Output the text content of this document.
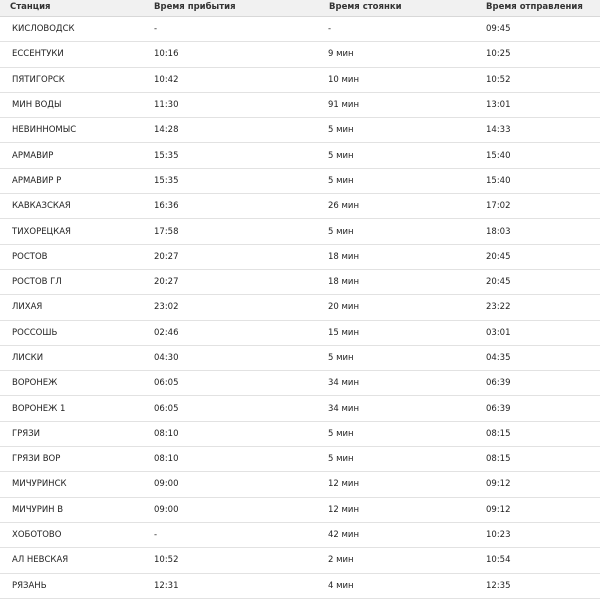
Станция	Время прибытия	Время стоянки	Время отправления
КИСЛОВОДСК	-	-	09:45
ЕССЕНТУКИ	10:16	9 мин	10:25
ПЯТИГОРСК	10:42	10 мин	10:52
МИН ВОДЫ	11:30	91 мин	13:01
НЕВИННОМЫС	14:28	5 мин	14:33
АРМАВИР	15:35	5 мин	15:40
АРМАВИР Р	15:35	5 мин	15:40
КАВКАЗСКАЯ	16:36	26 мин	17:02
ТИХОРЕЦКАЯ	17:58	5 мин	18:03
РОСТОВ	20:27	18 мин	20:45
РОСТОВ ГЛ	20:27	18 мин	20:45
ЛИХАЯ	23:02	20 мин	23:22
РОССОШЬ	02:46	15 мин	03:01
ЛИСКИ	04:30	5 мин	04:35
ВОРОНЕЖ	06:05	34 мин	06:39
ВОРОНЕЖ 1	06:05	34 мин	06:39
ГРЯЗИ	08:10	5 мин	08:15
ГРЯЗИ ВОР	08:10	5 мин	08:15
МИЧУРИНСК	09:00	12 мин	09:12
МИЧУРИН В	09:00	12 мин	09:12
ХОБОТОВО	-	42 мин	10:23
АЛ НЕВСКАЯ	10:52	2 мин	10:54
РЯЗАНЬ	12:31	4 мин	12:35
